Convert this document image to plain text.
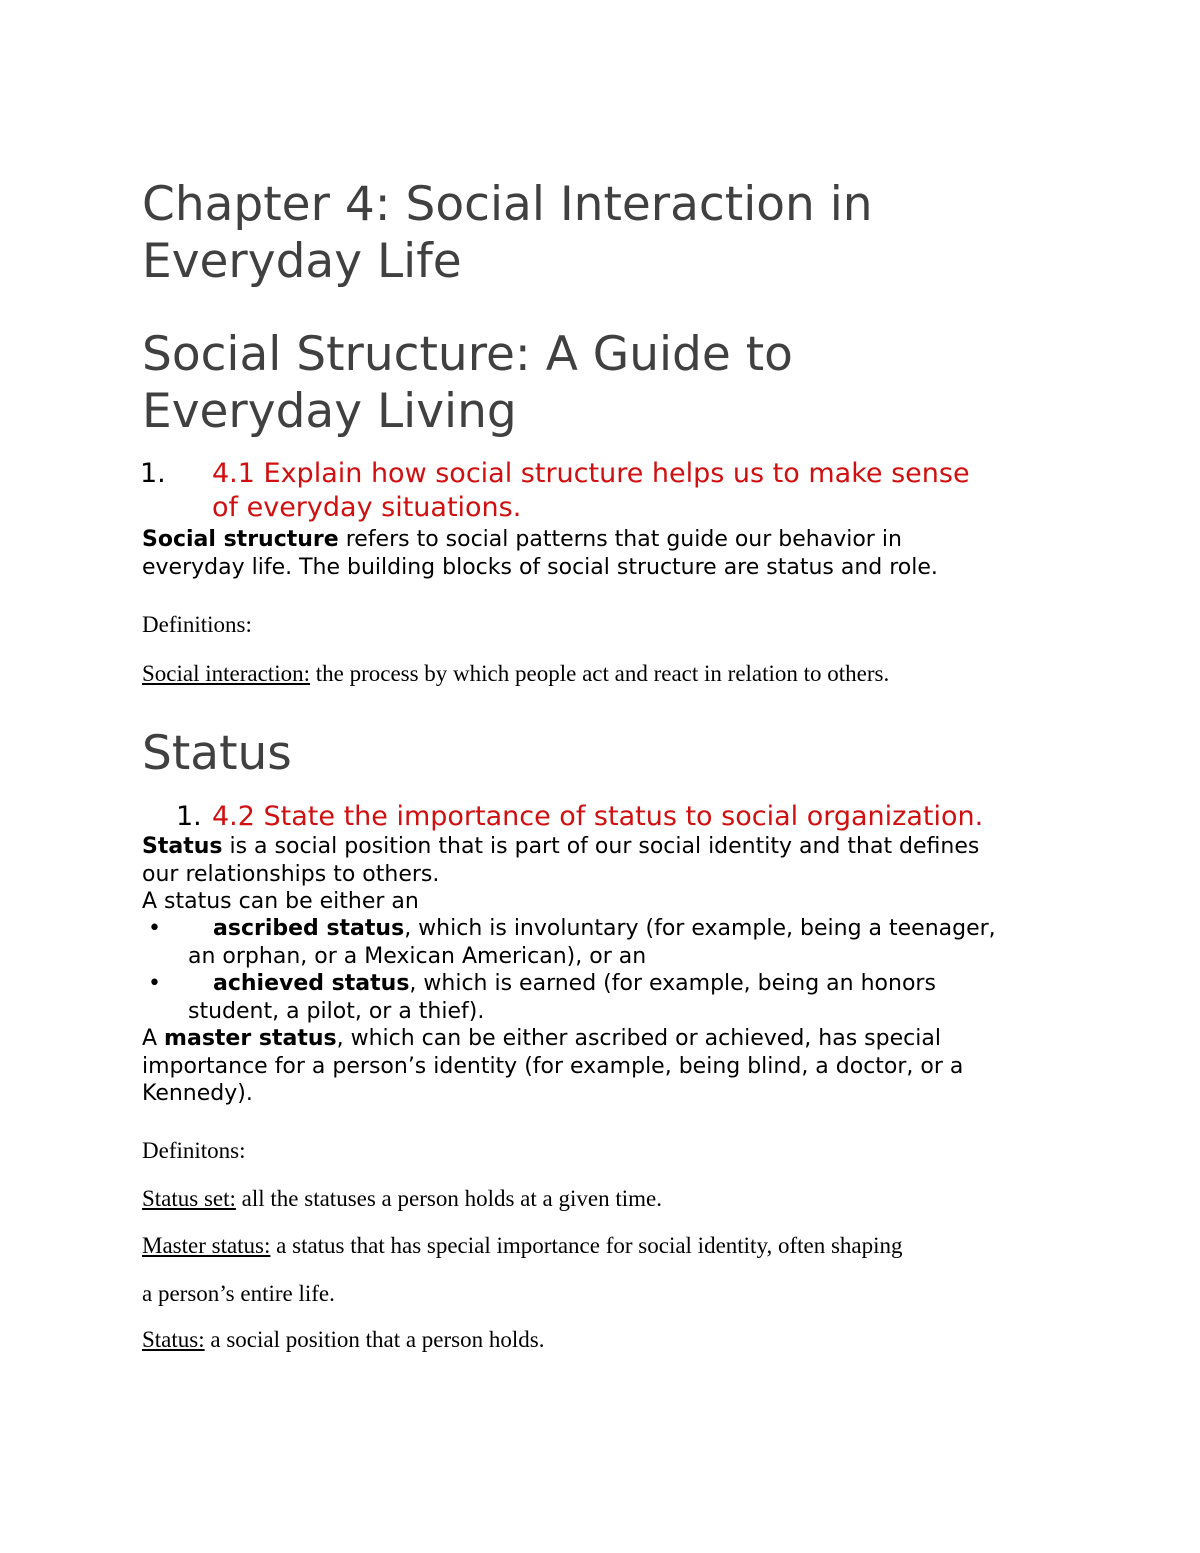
Chapter 4: Social Interaction in
Everyday Life
Social Structure: A Guide to
Everyday Living
1. 4.1 Explain how social structure helps us to make sense
of everyday situations.

Social structure refers to social patterns that guide our behavior in

everyday life. The building blocks of social structure are status and role.

Definitions:

Social interaction: the process by which people act and react in relation to others.

Status
1. 4.2 State the importance of status to social organization.

Status is a social position that is part of our social identity and that defines

our relationships to others.

A status can be either an

•	ascribed status, which is involuntary (for example, being a teenager,
an orphan, or a Mexican American), or an
•	achieved status, which is earned (for example, being an honors
student, a pilot, or a thief).

A master status, which can be either ascribed or achieved, has special

importance for a person’s identity (for example, being blind, a doctor, or a

Kennedy).

Definitons:

Status set: all the statuses a person holds at a given time.

Master status: a status that has special importance for social identity, often shaping

a person’s entire life.

Status: a social position that a person holds.
